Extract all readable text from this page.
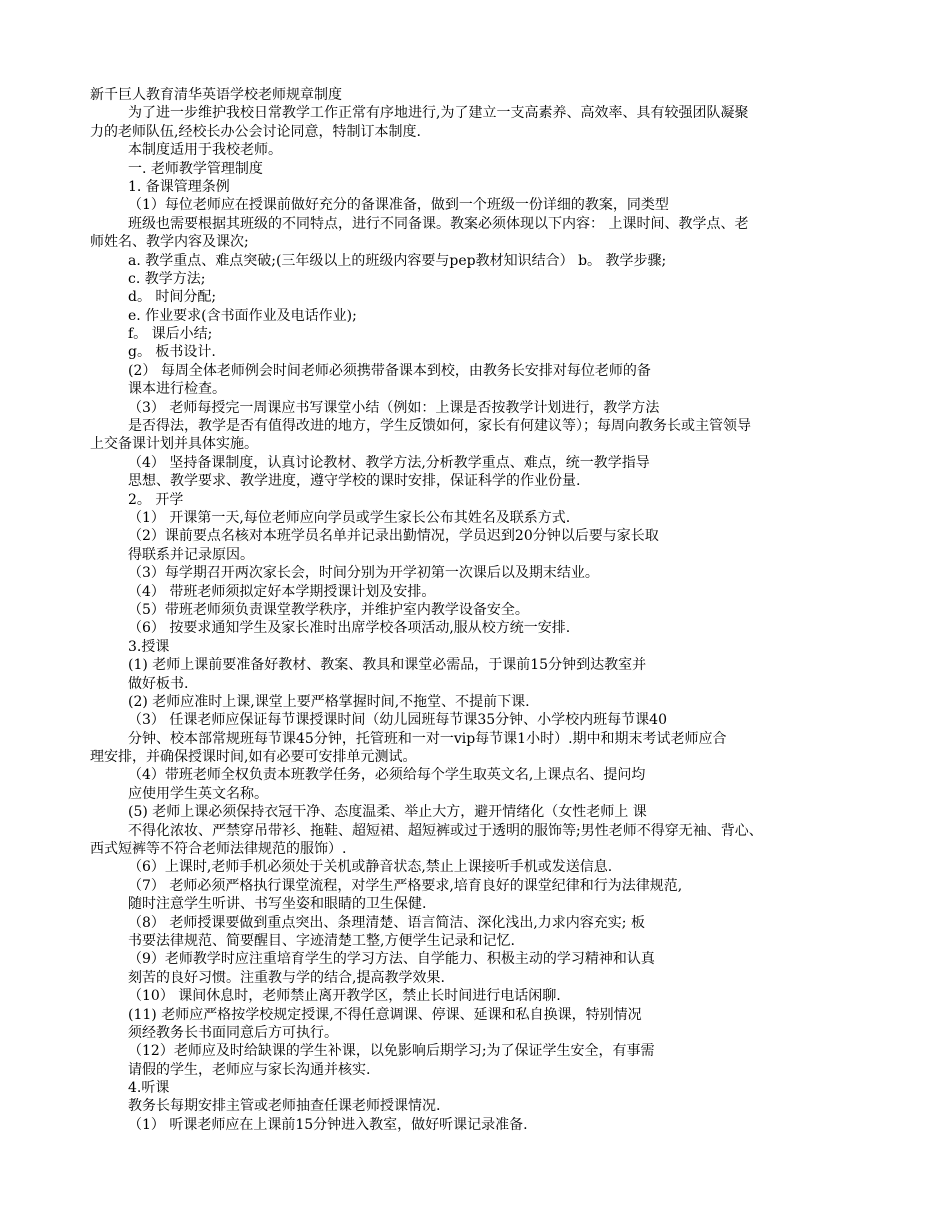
新千巨人教育清华英语学校老师规章制度
为了进一步维护我校日常教学工作正常有序地进行,为了建立一支高素养、高效率、具有较强团队凝聚
力的老师队伍,经校长办公会讨论同意，特制订本制度.
本制度适用于我校老师。
一. 老师教学管理制度
1. 备课管理条例
（1）每位老师应在授课前做好充分的备课准备，做到一个班级一份详细的教案，同类型
班级也需要根据其班级的不同特点，进行不同备课。教案必须体现以下内容： 上课时间、教学点、老
师姓名、教学内容及课次;
a. 教学重点、难点突破;(三年级以上的班级内容要与pep教材知识结合） b。 教学步骤;
c. 教学方法;
d。 时间分配;
e. 作业要求(含书面作业及电话作业);
f。 课后小结;
g。 板书设计.
(2） 每周全体老师例会时间老师必须携带备课本到校，由教务长安排对每位老师的备
课本进行检查。
（3） 老师每授完一周课应书写课堂小结（例如：上课是否按教学计划进行，教学方法
是否得法，教学是否有值得改进的地方，学生反馈如何，家长有何建议等）；每周向教务长或主管领导
上交备课计划并具体实施。
（4） 坚持备课制度，认真讨论教材、教学方法,分析教学重点、难点，统一教学指导
思想、教学要求、教学进度，遵守学校的课时安排，保证科学的作业份量.
2。 开学
（1） 开课第一天,每位老师应向学员或学生家长公布其姓名及联系方式.
（2）课前要点名核对本班学员名单并记录出勤情况，学员迟到20分钟以后要与家长取
得联系并记录原因。
（3）每学期召开两次家长会，时间分别为开学初第一次课后以及期末结业。
（4） 带班老师须拟定好本学期授课计划及安排。
（5）带班老师须负责课堂教学秩序，并维护室内教学设备安全。
（6） 按要求通知学生及家长准时出席学校各项活动,服从校方统一安排.
3.授课
(1) 老师上课前要准备好教材、教案、教具和课堂必需品，于课前15分钟到达教室并
做好板书.
(2) 老师应准时上课,课堂上要严格掌握时间,不拖堂、不提前下课.
（3） 任课老师应保证每节课授课时间（幼儿园班每节课35分钟、小学校内班每节课40
分钟、校本部常规班每节课45分钟，托管班和一对一vip每节课1小时）.期中和期末考试老师应合
理安排，并确保授课时间,如有必要可安排单元测试。
（4）带班老师全权负责本班教学任务，必须给每个学生取英文名,上课点名、提问均
应使用学生英文名称。
(5) 老师上课必须保持衣冠干净、态度温柔、举止大方，避开情绪化（女性老师上 课
不得化浓妆、严禁穿吊带衫、拖鞋、超短裙、超短裤或过于透明的服饰等;男性老师不得穿无袖、背心、
西式短裤等不符合老师法律规范的服饰）.
（6）上课时,老师手机必须处于关机或静音状态,禁止上课接听手机或发送信息.
（7） 老师必须严格执行课堂流程，对学生严格要求,培育良好的课堂纪律和行为法律规范,
随时注意学生听讲、书写坐姿和眼睛的卫生保健.
（8） 老师授课要做到重点突出、条理清楚、语言简洁、深化浅出,力求内容充实; 板
书要法律规范、简要醒目、字迹清楚工整,方便学生记录和记忆.
（9）老师教学时应注重培育学生的学习方法、自学能力、积极主动的学习精神和认真
刻苦的良好习惯。注重教与学的结合,提高教学效果.
（10） 课间休息时，老师禁止离开教学区，禁止长时间进行电话闲聊.
(11) 老师应严格按学校规定授课,不得任意调课、停课、延课和私自换课，特别情况
须经教务长书面同意后方可执行。
（12）老师应及时给缺课的学生补课，以免影响后期学习;为了保证学生安全，有事需
请假的学生，老师应与家长沟通并核实.
4.听课
教务长每期安排主管或老师抽查任课老师授课情况.
（1） 听课老师应在上课前15分钟进入教室，做好听课记录准备.
